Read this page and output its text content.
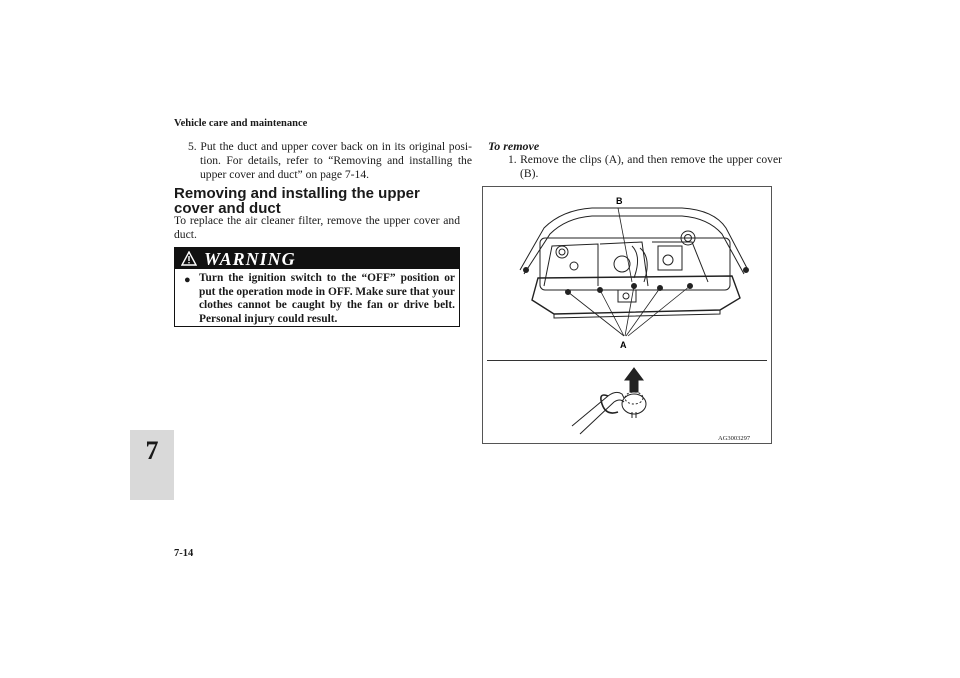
Vehicle care and maintenance
7
7-14
5. Put the duct and upper cover back on in its original posi-tion. For details, refer to “Removing and installing the upper cover and duct” on page 7-14.
Removing and installing the upper cover and duct
To replace the air cleaner filter, remove the upper cover and duct.
WARNING
● Turn the ignition switch to the “OFF” position or put the operation mode in OFF. Make sure that your clothes cannot be caught by the fan or drive belt. Personal injury could result.
To remove
1. Remove the clips (A), and then remove the upper cover (B).
B
A
AG3003297
